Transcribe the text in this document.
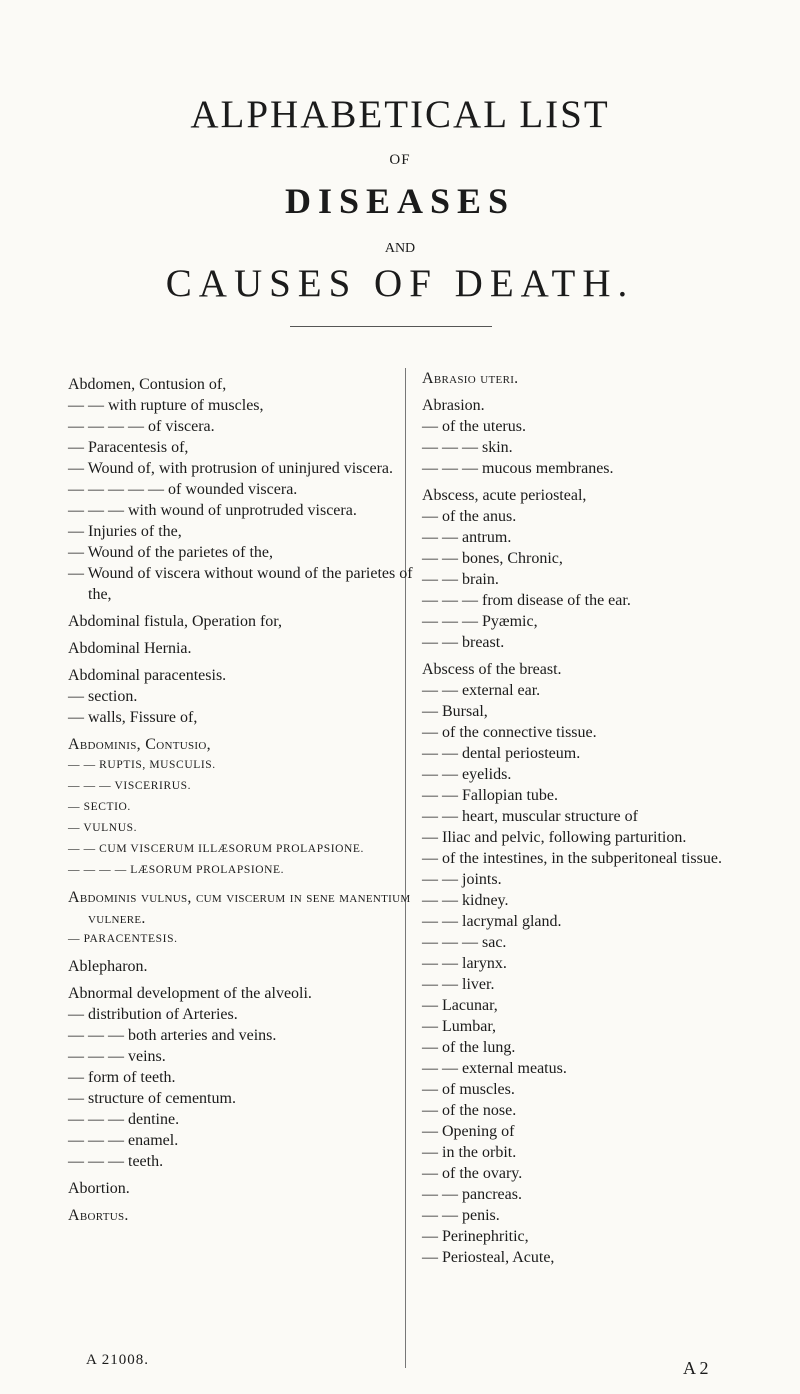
ALPHABETICAL LIST
OF
DISEASES
AND
CAUSES OF DEATH.

Abdomen, Contusion of,

— — with rupture of muscles,

— — — — of viscera.

— Paracentesis of,

— Wound of, with protrusion of uninjured viscera.

— — — — — of wounded viscera.

— — — with wound of unprotruded viscera.

— Injuries of the,

— Wound of the parietes of the,

— Wound of viscera without wound of the parietes of the,

Abdominal fistula, Operation for,

Abdominal Hernia.

Abdominal paracentesis.

— section.

— walls, Fissure of,

Abdominis, Contusio,

— — RUPTIS, MUSCULIS.

— — — VISCERIRUS.

— SECTIO.

— VULNUS.

— — CUM VISCERUM ILLÆSORUM PROLAPSIONE.

— — — — LÆSORUM PROLAPSIONE.

Abdominis vulnus, cum viscerum in sene manentium vulnere.

— PARACENTESIS.

Ablepharon.

Abnormal development of the alveoli.

— distribution of Arteries.

— — — both arteries and veins.

— — — veins.

— form of teeth.

— structure of cementum.

— — — dentine.

— — — enamel.

— — — teeth.

Abortion.

Abortus.

Abrasio uteri.

Abrasion.

— of the uterus.

— — — skin.

— — — mucous membranes.

Abscess, acute periosteal,

— of the anus.

— — antrum.

— — bones, Chronic,

— — brain.

— — — from disease of the ear.

— — — Pyæmic,

— — breast.

Abscess of the breast.

— — external ear.

— Bursal,

— of the connective tissue.

— — dental periosteum.

— — eyelids.

— — Fallopian tube.

— — heart, muscular structure of

— Iliac and pelvic, following parturition.

— of the intestines, in the subperitoneal tissue.

— — joints.

— — kidney.

— — lacrymal gland.

— — — sac.

— — larynx.

— — liver.

— Lacunar,

— Lumbar,

— of the lung.

— — external meatus.

— of muscles.

— of the nose.

— Opening of

— in the orbit.

— of the ovary.

— — pancreas.

— — penis.

— Perinephritic,

— Periosteal, Acute,

A 21008.	A 2
